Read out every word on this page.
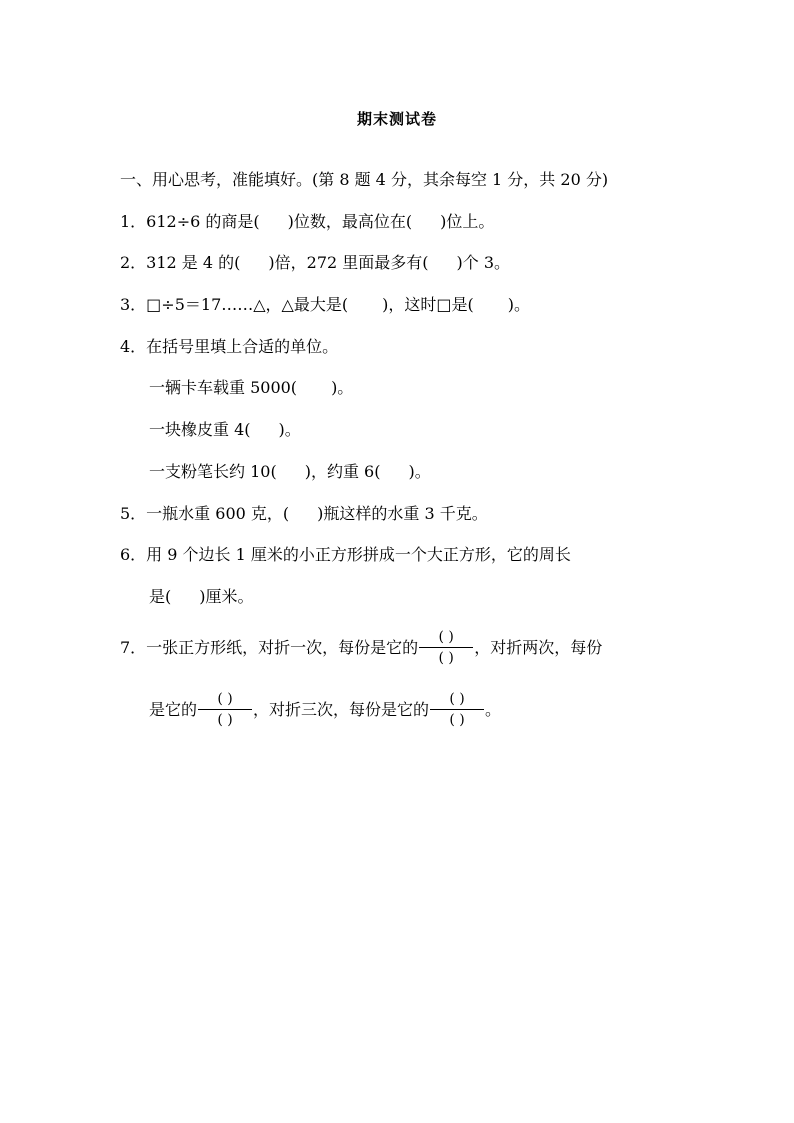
期末测试卷
一、用心思考，准能填好。(第 8 题 4 分，其余每空 1 分，共 20 分)
1．612÷6 的商是( )位数，最高位在( )位上。
2．312 是 4 的( )倍，272 里面最多有( )个 3。
3．□÷5＝17……△，△最大是( )，这时□是( )。
4．在括号里填上合适的单位。
一辆卡车载重 5000( )。
一块橡皮重 4( )。
一支粉笔长约 10( )，约重 6( )。
5．一瓶水重 600 克，( )瓶这样的水重 3 千克。
6．用 9 个边长 1 厘米的小正方形拼成一个大正方形，它的周长
是( )厘米。
7．一张正方形纸，对折一次，每份是它的 $\frac{( )}{( )}$ ，对折两次，每份
是它的 $\frac{( )}{( )}$ ，对折三次，每份是它的 $\frac{( )}{( )}$ 。
